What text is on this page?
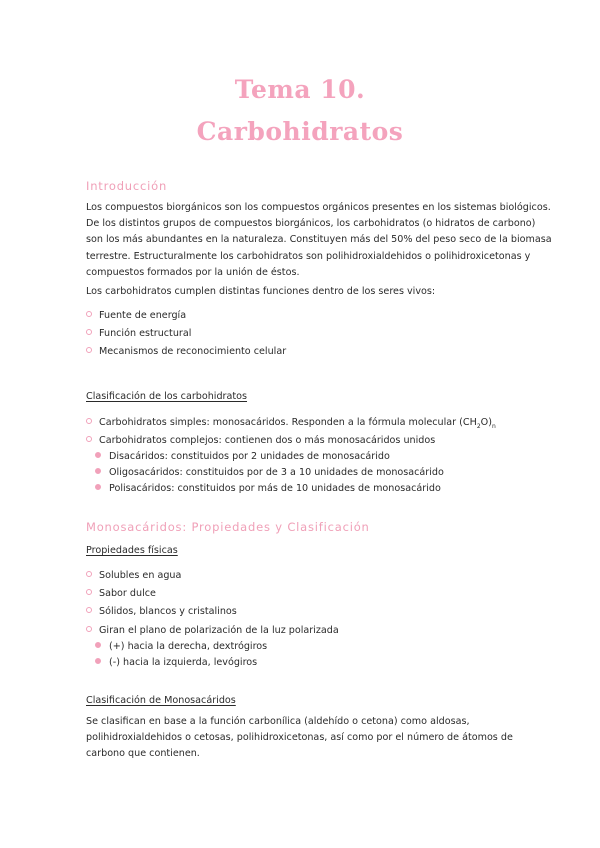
Tema 10.
Carbohidratos
Introducción
Los compuestos biorgánicos son los compuestos orgánicos presentes en los sistemas biológicos.
De los distintos grupos de compuestos biorgánicos, los carbohidratos (o hidratos de carbono)
son los más abundantes en la naturaleza. Constituyen más del 50% del peso seco de la biomasa
terrestre. Estructuralmente los carbohidratos son polihidroxialdehidos o polihidroxicetonas y
compuestos formados por la unión de éstos.
Los carbohidratos cumplen distintas funciones dentro de los seres vivos:
Fuente de energía
Función estructural
Mecanismos de reconocimiento celular
Clasificación de los carbohidratos
Carbohidratos simples: monosacáridos. Responden a la fórmula molecular $(CH_2O)_n$
Carbohidratos complejos: contienen dos o más monosacáridos unidos
Disacáridos: constituidos por 2 unidades de monosacárido
Oligosacáridos: constituidos por de 3 a 10 unidades de monosacárido
Polisacáridos: constituidos por más de 10 unidades de monosacárido
Monosacáridos: Propiedades y Clasificación
Propiedades físicas
Solubles en agua
Sabor dulce
Sólidos, blancos y cristalinos
Giran el plano de polarización de la luz polarizada
(+) hacia la derecha, dextrógiros
(-) hacia la izquierda, levógiros
Clasificación de Monosacáridos
Se clasifican en base a la función carbonílica (aldehído o cetona) como aldosas,
polihidroxialdehidos o cetosas, polihidroxicetonas, así como por el número de átomos de
carbono que contienen.
